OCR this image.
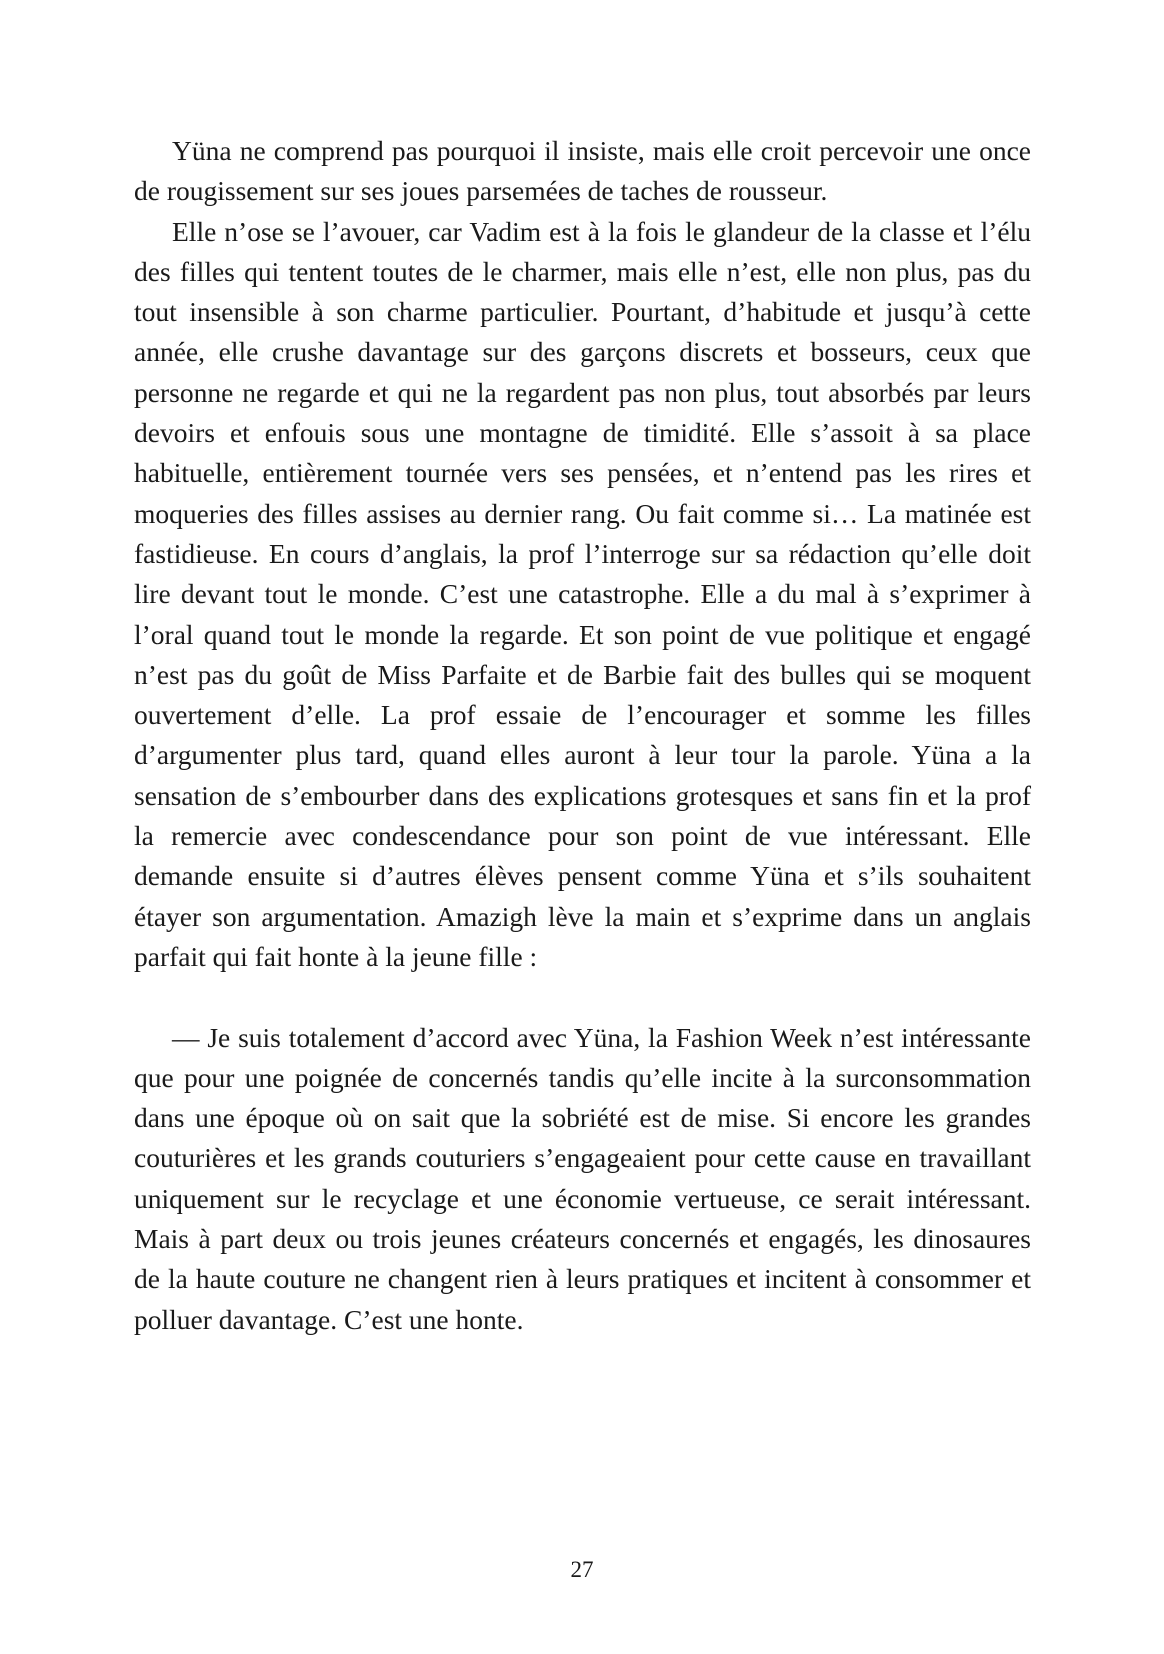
Yüna ne comprend pas pourquoi il insiste, mais elle croit percevoir une once de rougissement sur ses joues parsemées de taches de rousseur.

Elle n’ose se l’avouer, car Vadim est à la fois le glandeur de la classe et l’élu des filles qui tentent toutes de le charmer, mais elle n’est, elle non plus, pas du tout insensible à son charme particulier. Pourtant, d’habitude et jusqu’à cette année, elle crushe davantage sur des garçons discrets et bosseurs, ceux que personne ne regarde et qui ne la regardent pas non plus, tout absorbés par leurs devoirs et enfouis sous une montagne de timidité. Elle s’assoit à sa place habituelle, entièrement tournée vers ses pensées, et n’entend pas les rires et moqueries des filles assises au dernier rang. Ou fait comme si… La matinée est fastidieuse. En cours d’anglais, la prof l’interroge sur sa rédaction qu’elle doit lire devant tout le monde. C’est une catastrophe. Elle a du mal à s’exprimer à l’oral quand tout le monde la regarde. Et son point de vue politique et engagé n’est pas du goût de Miss Parfaite et de Barbie fait des bulles qui se moquent ouvertement d’elle. La prof essaie de l’encourager et somme les filles d’argumenter plus tard, quand elles auront à leur tour la parole. Yüna a la sensation de s’embourber dans des explications grotesques et sans fin et la prof la remercie avec condescendance pour son point de vue intéressant. Elle demande ensuite si d’autres élèves pensent comme Yüna et s’ils souhaitent étayer son argumentation. Amazigh lève la main et s’exprime dans un anglais parfait qui fait honte à la jeune fille :

— Je suis totalement d’accord avec Yüna, la Fashion Week n’est intéressante que pour une poignée de concernés tandis qu’elle incite à la surconsommation dans une époque où on sait que la sobriété est de mise. Si encore les grandes couturières et les grands couturiers s’engageaient pour cette cause en travaillant uniquement sur le recyclage et une économie vertueuse, ce serait intéressant. Mais à part deux ou trois jeunes créateurs concernés et engagés, les dinosaures de la haute couture ne changent rien à leurs pratiques et incitent à consommer et polluer davantage. C’est une honte.

27
